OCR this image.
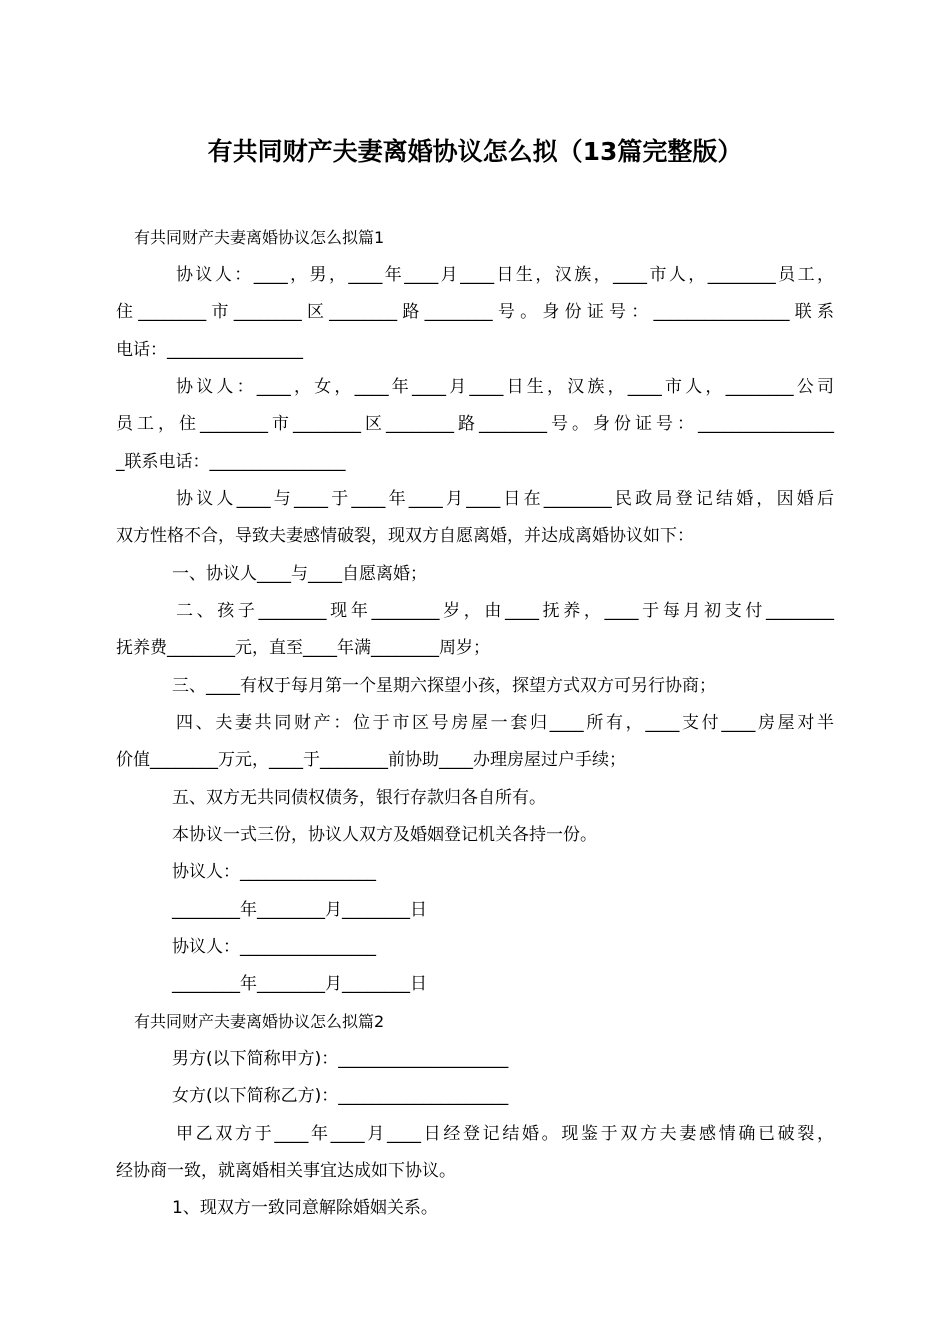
有共同财产夫妻离婚协议怎么拟（13篇完整版）
有共同财产夫妻离婚协议怎么拟篇1
协议人：____，男，____年____月____日生，汉族，____市人，________员工，
住________市________区________路________号。身份证号：________________联系
电话：________________
协议人：____，女，____年____月____日生，汉族，____市人，________公司
员工，住________市________区________路________号。身份证号：________________
_联系电话：________________
协议人____与____于____年____月____日在________民政局登记结婚，因婚后
双方性格不合，导致夫妻感情破裂，现双方自愿离婚，并达成离婚协议如下：
一、协议人____与____自愿离婚；
二、孩子________现年________岁，由____抚养，____于每月初支付________
抚养费________元，直至____年满________周岁；
三、____有权于每月第一个星期六探望小孩，探望方式双方可另行协商；
四、夫妻共同财产：位于市区号房屋一套归____所有，____支付____房屋对半
价值________万元，____于________前协助____办理房屋过户手续；
五、双方无共同债权债务，银行存款归各自所有。
本协议一式三份，协议人双方及婚姻登记机关各持一份。
协议人：________________
________年________月________日
协议人：________________
________年________月________日
有共同财产夫妻离婚协议怎么拟篇2
男方(以下简称甲方)：____________________
女方(以下简称乙方)：____________________
甲乙双方于____年____月____日经登记结婚。现鉴于双方夫妻感情确已破裂，
经协商一致，就离婚相关事宜达成如下协议。
1、现双方一致同意解除婚姻关系。
